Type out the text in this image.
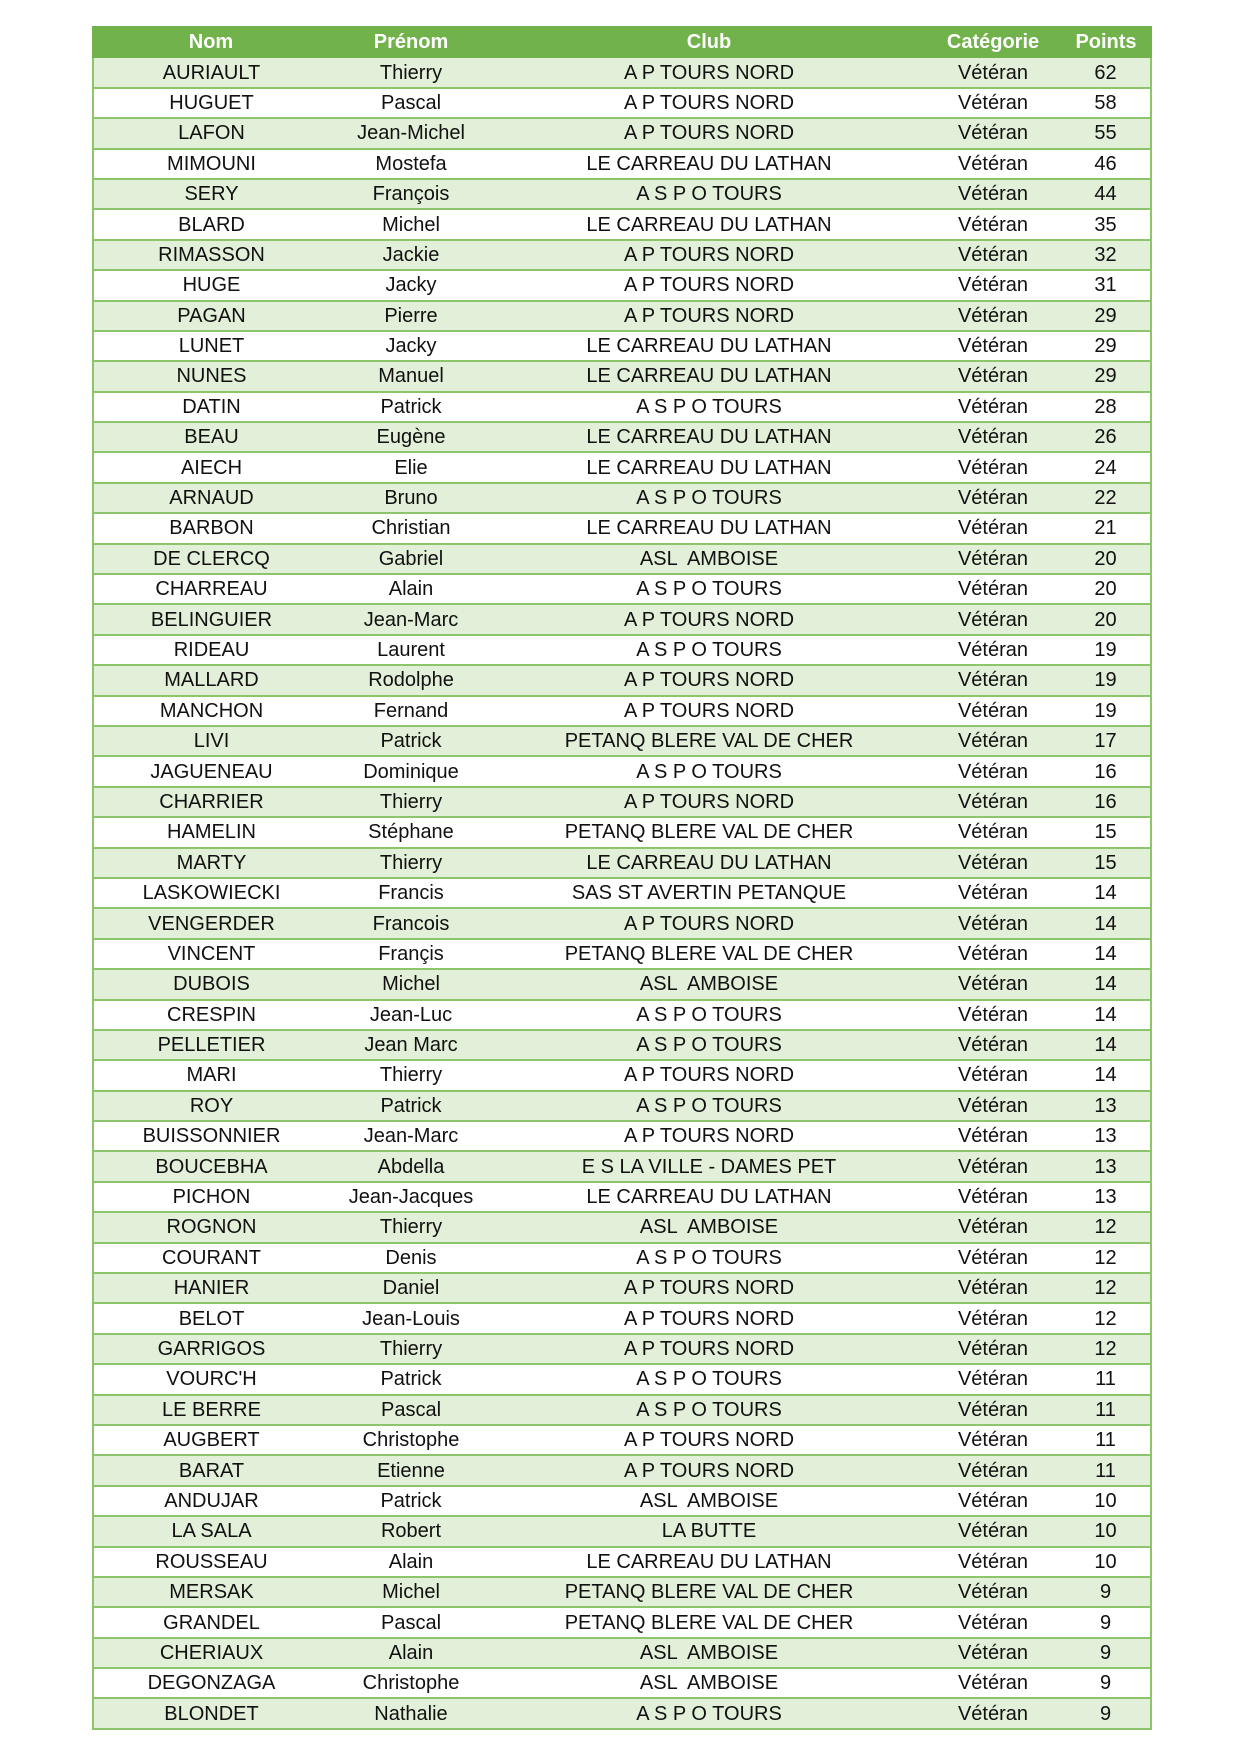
Nom	Prénom	Club	Catégorie	Points
AURIAULT	Thierry	A P TOURS NORD	Vétéran	62
HUGUET	Pascal	A P TOURS NORD	Vétéran	58
LAFON	Jean-Michel	A P TOURS NORD	Vétéran	55
MIMOUNI	Mostefa	LE CARREAU DU LATHAN	Vétéran	46
SERY	François	A S P O TOURS	Vétéran	44
BLARD	Michel	LE CARREAU DU LATHAN	Vétéran	35
RIMASSON	Jackie	A P TOURS NORD	Vétéran	32
HUGE	Jacky	A P TOURS NORD	Vétéran	31
PAGAN	Pierre	A P TOURS NORD	Vétéran	29
LUNET	Jacky	LE CARREAU DU LATHAN	Vétéran	29
NUNES	Manuel	LE CARREAU DU LATHAN	Vétéran	29
DATIN	Patrick	A S P O TOURS	Vétéran	28
BEAU	Eugène	LE CARREAU DU LATHAN	Vétéran	26
AIECH	Elie	LE CARREAU DU LATHAN	Vétéran	24
ARNAUD	Bruno	A S P O TOURS	Vétéran	22
BARBON	Christian	LE CARREAU DU LATHAN	Vétéran	21
DE CLERCQ	Gabriel	ASL  AMBOISE	Vétéran	20
CHARREAU	Alain	A S P O TOURS	Vétéran	20
BELINGUIER	Jean-Marc	A P TOURS NORD	Vétéran	20
RIDEAU	Laurent	A S P O TOURS	Vétéran	19
MALLARD	Rodolphe	A P TOURS NORD	Vétéran	19
MANCHON	Fernand	A P TOURS NORD	Vétéran	19
LIVI	Patrick	PETANQ BLERE VAL DE CHER	Vétéran	17
JAGUENEAU	Dominique	A S P O TOURS	Vétéran	16
CHARRIER	Thierry	A P TOURS NORD	Vétéran	16
HAMELIN	Stéphane	PETANQ BLERE VAL DE CHER	Vétéran	15
MARTY	Thierry	LE CARREAU DU LATHAN	Vétéran	15
LASKOWIECKI	Francis	SAS ST AVERTIN PETANQUE	Vétéran	14
VENGERDER	Francois	A P TOURS NORD	Vétéran	14
VINCENT	Françis	PETANQ BLERE VAL DE CHER	Vétéran	14
DUBOIS	Michel	ASL  AMBOISE	Vétéran	14
CRESPIN	Jean-Luc	A S P O TOURS	Vétéran	14
PELLETIER	Jean Marc	A S P O TOURS	Vétéran	14
MARI	Thierry	A P TOURS NORD	Vétéran	14
ROY	Patrick	A S P O TOURS	Vétéran	13
BUISSONNIER	Jean-Marc	A P TOURS NORD	Vétéran	13
BOUCEBHA	Abdella	E S LA VILLE - DAMES PET	Vétéran	13
PICHON	Jean-Jacques	LE CARREAU DU LATHAN	Vétéran	13
ROGNON	Thierry	ASL  AMBOISE	Vétéran	12
COURANT	Denis	A S P O TOURS	Vétéran	12
HANIER	Daniel	A P TOURS NORD	Vétéran	12
BELOT	Jean-Louis	A P TOURS NORD	Vétéran	12
GARRIGOS	Thierry	A P TOURS NORD	Vétéran	12
VOURC'H	Patrick	A S P O TOURS	Vétéran	11
LE BERRE	Pascal	A S P O TOURS	Vétéran	11
AUGBERT	Christophe	A P TOURS NORD	Vétéran	11
BARAT	Etienne	A P TOURS NORD	Vétéran	11
ANDUJAR	Patrick	ASL  AMBOISE	Vétéran	10
LA SALA	Robert	LA BUTTE	Vétéran	10
ROUSSEAU	Alain	LE CARREAU DU LATHAN	Vétéran	10
MERSAK	Michel	PETANQ BLERE VAL DE CHER	Vétéran	9
GRANDEL	Pascal	PETANQ BLERE VAL DE CHER	Vétéran	9
CHERIAUX	Alain	ASL  AMBOISE	Vétéran	9
DEGONZAGA	Christophe	ASL  AMBOISE	Vétéran	9
BLONDET	Nathalie	A S P O TOURS	Vétéran	9
